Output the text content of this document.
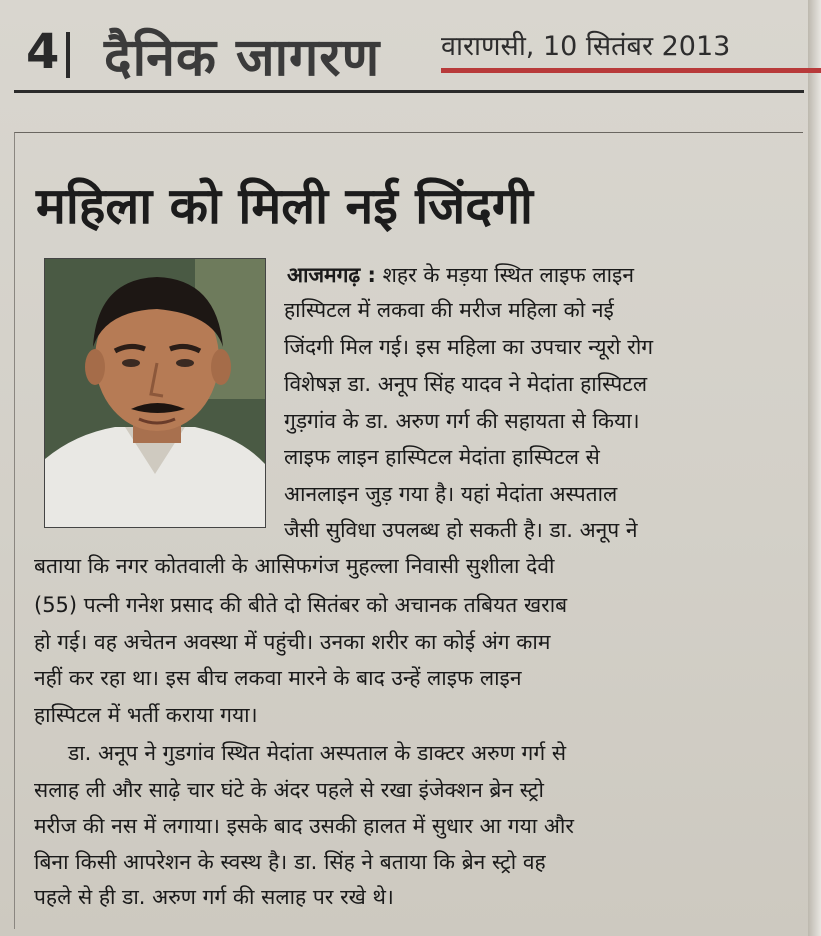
4 दैनिक जागरण वाराणसी, 10 सितंबर 2013
महिला को मिली नई जिंदगी
आजमगढ़ : शहर के मड़या स्थित लाइफ लाइन
हास्पिटल में लकवा की मरीज महिला को नई
जिंदगी मिल गई। इस महिला का उपचार न्यूरो रोग
विशेषज्ञ डा. अनूप सिंह यादव ने मेदांता हास्पिटल
गुड़गांव के डा. अरुण गर्ग की सहायता से किया।
लाइफ लाइन हास्पिटल मेदांता हास्पिटल से
आनलाइन जुड़ गया है। यहां मेदांता अस्पताल
जैसी सुविधा उपलब्ध हो सकती है। डा. अनूप ने
बताया कि नगर कोतवाली के आसिफगंज मुहल्ला निवासी सुशीला देवी
(55) पत्नी गनेश प्रसाद की बीते दो सितंबर को अचानक तबियत खराब
हो गई। वह अचेतन अवस्था में पहुंची। उनका शरीर का कोई अंग काम
नहीं कर रहा था। इस बीच लकवा मारने के बाद उन्हें लाइफ लाइन
हास्पिटल में भर्ती कराया गया।
डा. अनूप ने गुडगांव स्थित मेदांता अस्पताल के डाक्टर अरुण गर्ग से
सलाह ली और साढ़े चार घंटे के अंदर पहले से रखा इंजेक्शन ब्रेन स्ट्रो
मरीज की नस में लगाया। इसके बाद उसकी हालत में सुधार आ गया और
बिना किसी आपरेशन के स्वस्थ है। डा. सिंह ने बताया कि ब्रेन स्ट्रो वह
पहले से ही डा. अरुण गर्ग की सलाह पर रखे थे।
